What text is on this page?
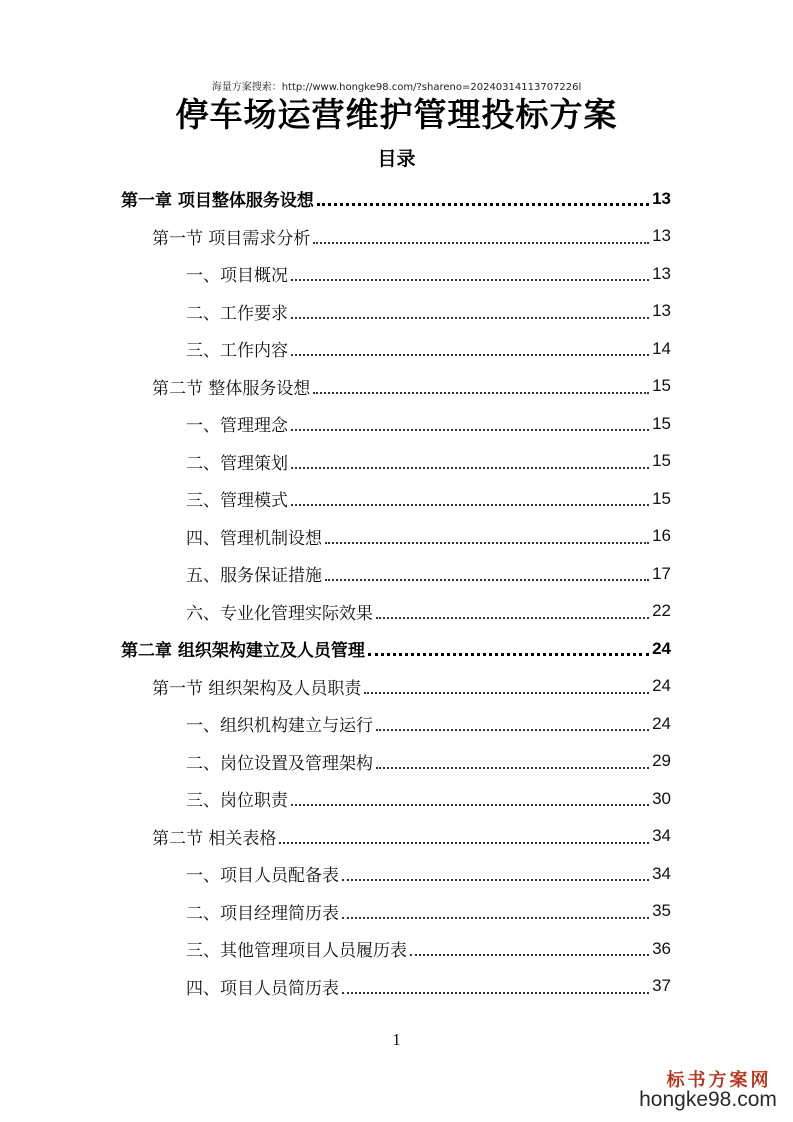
海量方案搜索：http://www.hongke98.com/?shareno=20240314113707226l
停车场运营维护管理投标方案
目录
第一章 项目整体服务设想	13
第一节 项目需求分析	13
一、项目概况	13
二、工作要求	13
三、工作内容	14
第二节 整体服务设想	15
一、管理理念	15
二、管理策划	15
三、管理模式	15
四、管理机制设想	16
五、服务保证措施	17
六、专业化管理实际效果	22
第二章 组织架构建立及人员管理	24
第一节 组织架构及人员职责	24
一、组织机构建立与运行	24
二、岗位设置及管理架构	29
三、岗位职责	30
第二节 相关表格	34
一、项目人员配备表	34
二、项目经理简历表	35
三、其他管理项目人员履历表	36
四、项目人员简历表	37
1
标书方案网
hongke98.com
